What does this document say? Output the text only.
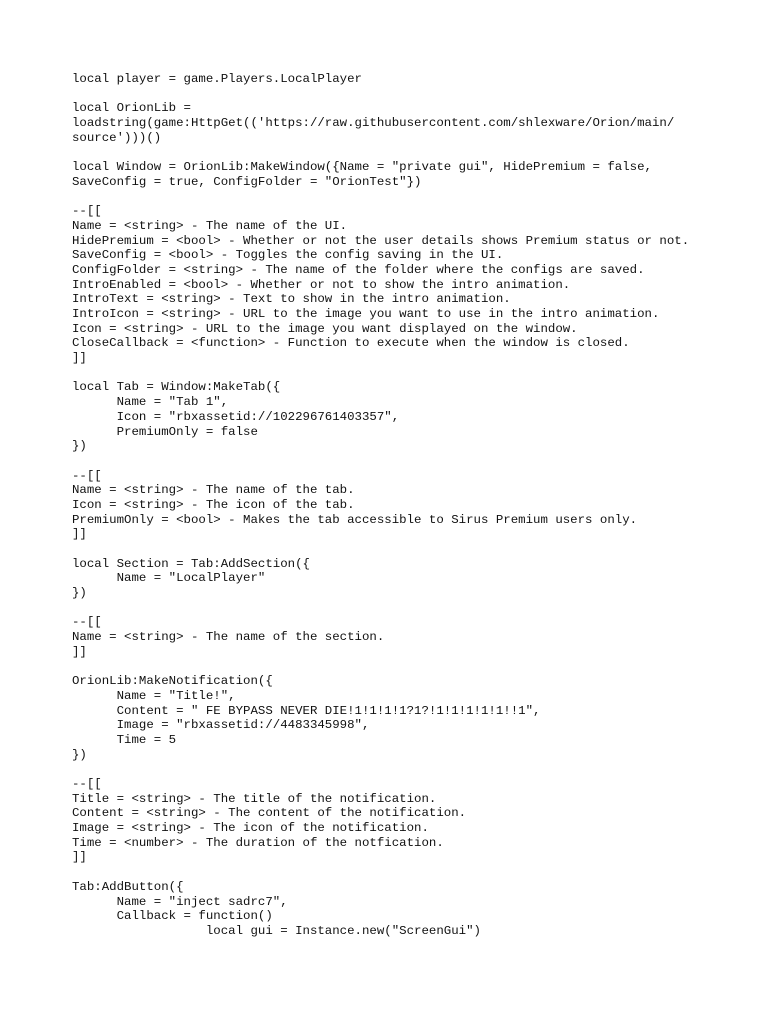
local player = game.Players.LocalPlayer
local OrionLib =
loadstring(game:HttpGet(('https://raw.githubusercontent.com/shlexware/Orion/main/
source')))()
local Window = OrionLib:MakeWindow({Name = "private gui", HidePremium = false,
SaveConfig = true, ConfigFolder = "OrionTest"})
--[[
Name = <string> - The name of the UI.
HidePremium = <bool> - Whether or not the user details shows Premium status or not.
SaveConfig = <bool> - Toggles the config saving in the UI.
ConfigFolder = <string> - The name of the folder where the configs are saved.
IntroEnabled = <bool> - Whether or not to show the intro animation.
IntroText = <string> - Text to show in the intro animation.
IntroIcon = <string> - URL to the image you want to use in the intro animation.
Icon = <string> - URL to the image you want displayed on the window.
CloseCallback = <function> - Function to execute when the window is closed.
]]
local Tab = Window:MakeTab({
Name = "Tab 1",
Icon = "rbxassetid://102296761403357",
PremiumOnly = false
})
--[[
Name = <string> - The name of the tab.
Icon = <string> - The icon of the tab.
PremiumOnly = <bool> - Makes the tab accessible to Sirus Premium users only.
]]
local Section = Tab:AddSection({
Name = "LocalPlayer"
})
--[[
Name = <string> - The name of the section.
]]
OrionLib:MakeNotification({
Name = "Title!",
Content = " FE BYPASS NEVER DIE!1!1!1!1?1?!1!1!1!1!1!!1",
Image = "rbxassetid://4483345998",
Time = 5
})
--[[
Title = <string> - The title of the notification.
Content = <string> - The content of the notification.
Image = <string> - The icon of the notification.
Time = <number> - The duration of the notfication.
]]
Tab:AddButton({
Name = "inject sadrc7",
Callback = function()
local gui = Instance.new("ScreenGui")
